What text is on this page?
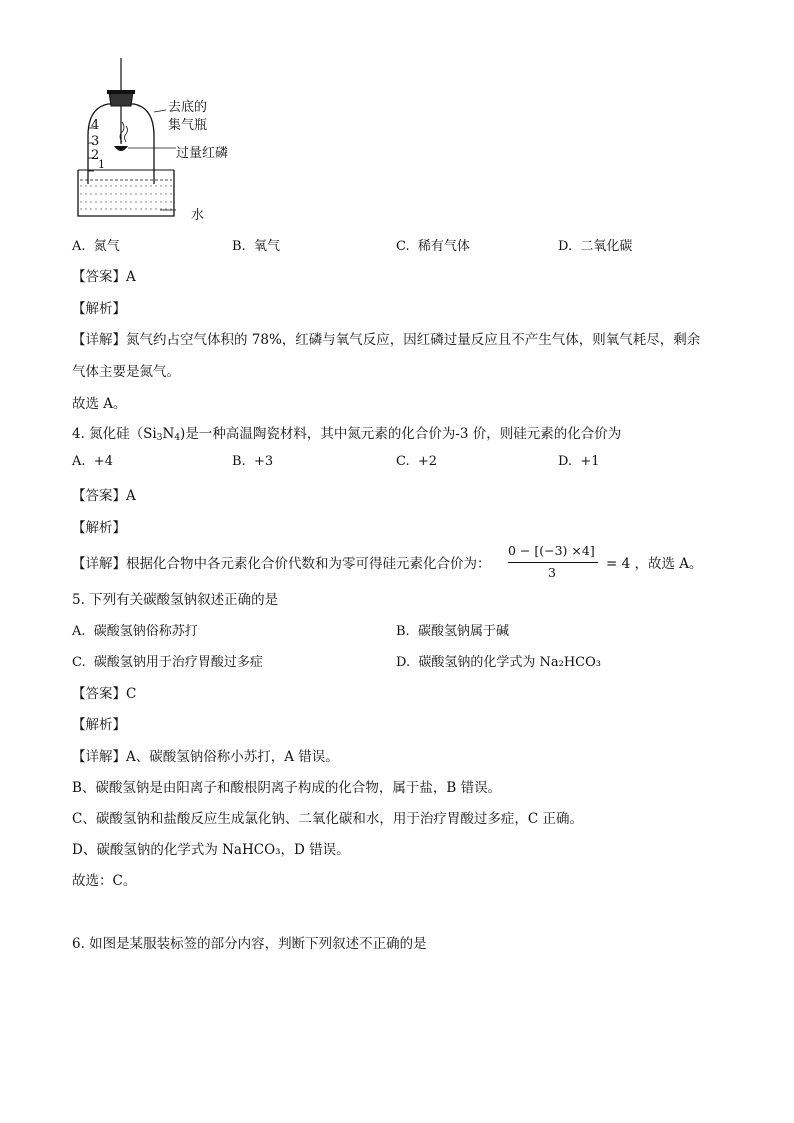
4
3
2
1
去底的
集气瓶
过量红磷
水
A. 氮气	B. 氧气	C. 稀有气体	D. 二氧化碳
【答案】A
【解析】
【详解】氮气约占空气体积的 78%，红磷与氧气反应，因红磷过量反应且不产生气体，则氧气耗尽，剩余
气体主要是氮气。
故选 A。
4. 氮化硅$(Si_3N_4)$是一种高温陶瓷材料，其中氮元素的化合价为-3 价，则硅元素的化合价为
A. +4	B. +3	C. +2	D. +1
【答案】A
【解析】
【详解】根据化合物中各元素化合价代数和为零可得硅元素化合价为：
0 − [(−3) ×4]
3
= 4 ，故选 A。
5. 下列有关碳酸氢钠叙述正确的是
A. 碳酸氢钠俗称苏打	B. 碳酸氢钠属于碱
C. 碳酸氢钠用于治疗胃酸过多症	D. 碳酸氢钠的化学式为 Na₂HCO₃
【答案】C
【解析】
【详解】A、碳酸氢钠俗称小苏打，A 错误。
B、碳酸氢钠是由阳离子和酸根阴离子构成的化合物，属于盐，B 错误。
C、碳酸氢钠和盐酸反应生成氯化钠、二氧化碳和水，用于治疗胃酸过多症，C 正确。
D、碳酸氢钠的化学式为 NaHCO₃，D 错误。
故选：C。
6. 如图是某服装标签的部分内容，判断下列叙述不正确的是
